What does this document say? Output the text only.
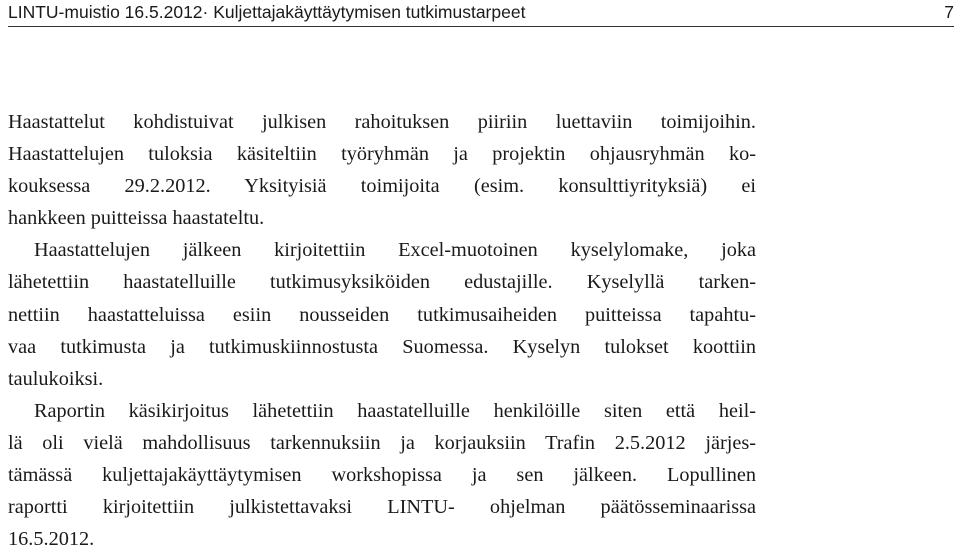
LINTU-muistio 16.5.2012· Kuljettajakäyttäytymisen tutkimustarpeet	7
Haastattelut kohdistuivat julkisen rahoituksen piiriin luettaviin toimijoihin.
Haastattelujen tuloksia käsiteltiin työryhmän ja projektin ohjausryhmän ko-
kouksessa 29.2.2012. Yksityisiä toimijoita (esim. konsulttiyrityksiä) ei
hankkeen puitteissa haastateltu.
Haastattelujen jälkeen kirjoitettiin Excel-muotoinen kyselylomake, joka
lähetettiin haastatelluille tutkimusyksiköiden edustajille. Kyselyllä tarken-
nettiin haastatteluissa esiin nousseiden tutkimusaiheiden puitteissa tapahtu-
vaa tutkimusta ja tutkimuskiinnostusta Suomessa. Kyselyn tulokset koottiin
taulukoiksi.
Raportin käsikirjoitus lähetettiin haastatelluille henkilöille siten että heil-
lä oli vielä mahdollisuus tarkennuksiin ja korjauksiin Trafin 2.5.2012 järjes-
tämässä kuljettajakäyttäytymisen workshopissa ja sen jälkeen. Lopullinen
raportti kirjoitettiin julkistettavaksi LINTU- ohjelman päätösseminaarissa
16.5.2012.
